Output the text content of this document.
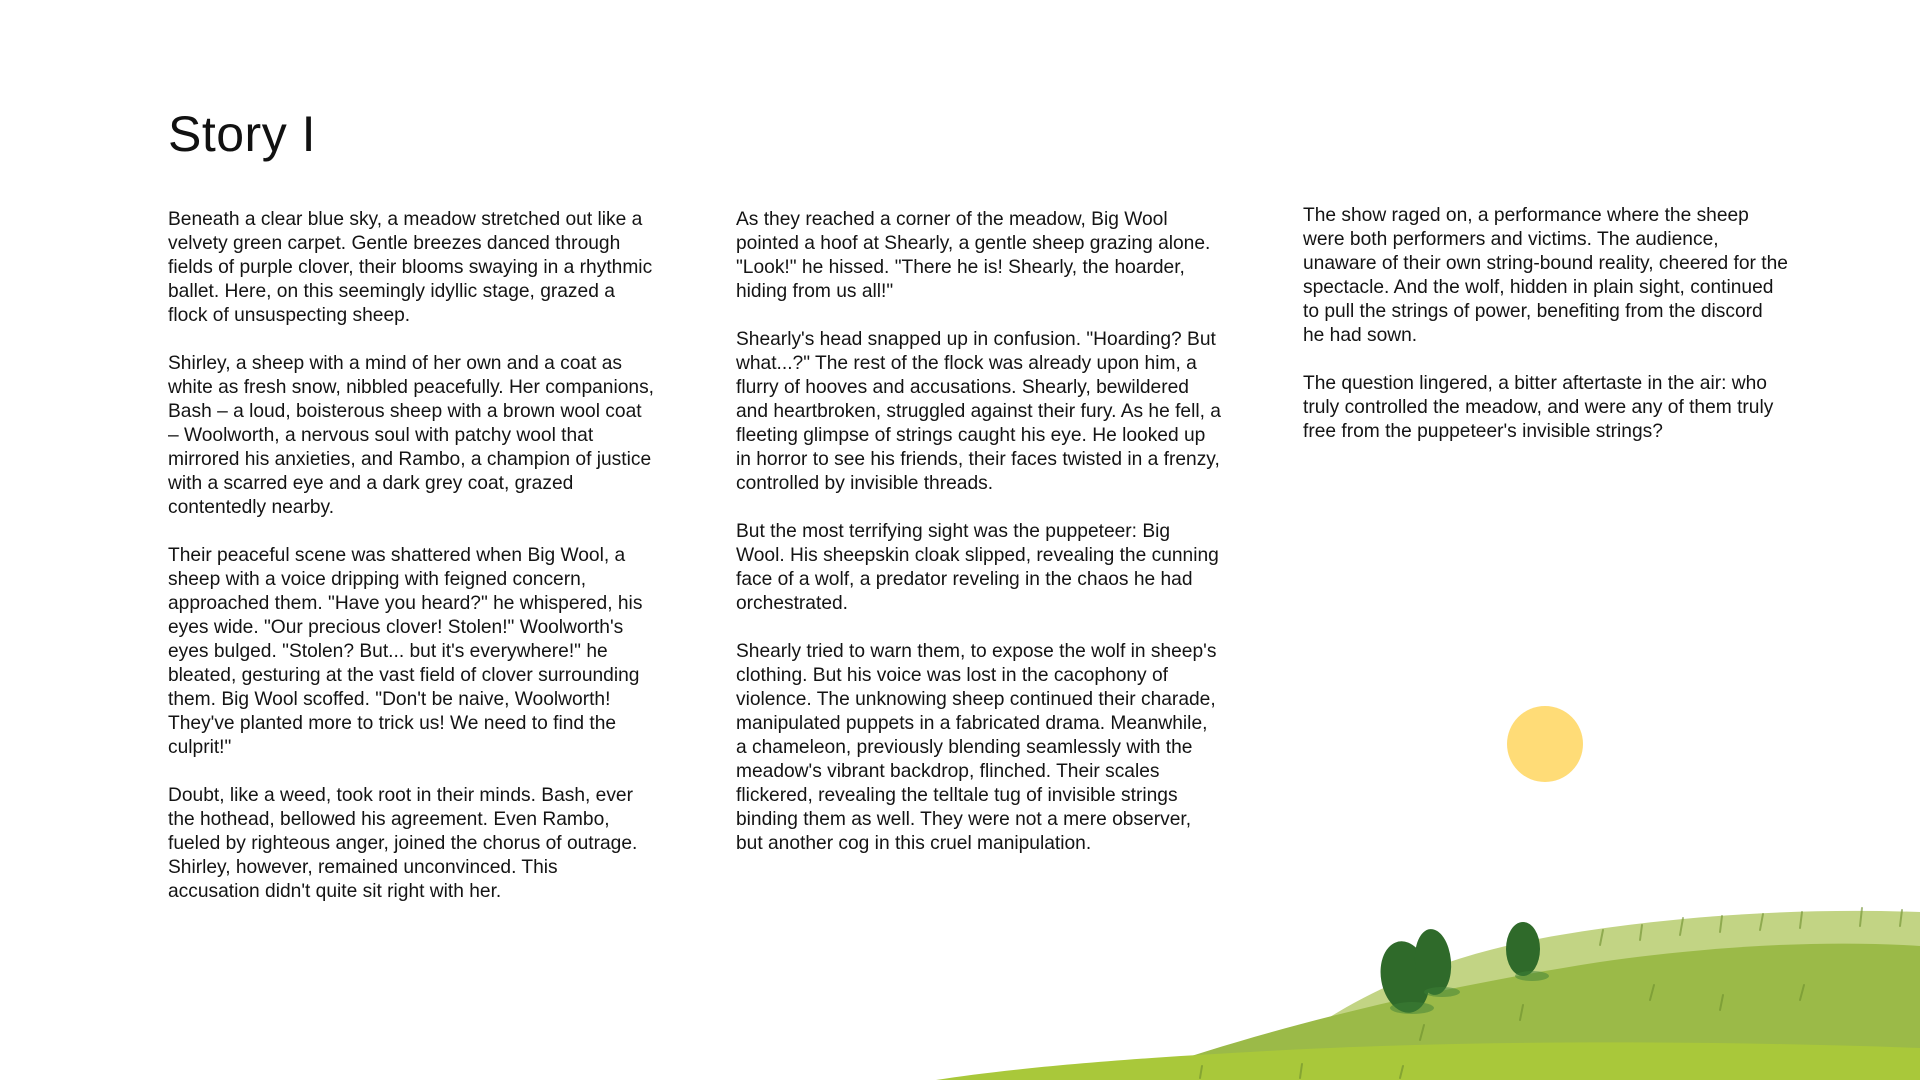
Story I

Beneath a clear blue sky, a meadow stretched out like a velvety green carpet. Gentle breezes danced through fields of purple clover, their blooms swaying in a rhythmic ballet. Here, on this seemingly idyllic stage, grazed a flock of unsuspecting sheep.

Shirley, a sheep with a mind of her own and a coat as white as fresh snow, nibbled peacefully. Her companions, Bash – a loud, boisterous sheep with a brown wool coat – Woolworth, a nervous soul with patchy wool that mirrored his anxieties, and Rambo, a champion of justice with a scarred eye and a dark grey coat, grazed contentedly nearby.

Their peaceful scene was shattered when Big Wool, a sheep with a voice dripping with feigned concern, approached them. "Have you heard?" he whispered, his eyes wide. "Our precious clover! Stolen!" Woolworth's eyes bulged. "Stolen? But... but it's everywhere!" he bleated, gesturing at the vast field of clover surrounding them. Big Wool scoffed. "Don't be naive, Woolworth! They've planted more to trick us! We need to find the culprit!"

Doubt, like a weed, took root in their minds. Bash, ever the hothead, bellowed his agreement. Even Rambo, fueled by righteous anger, joined the chorus of outrage. Shirley, however, remained unconvinced. This accusation didn't quite sit right with her.

As they reached a corner of the meadow, Big Wool pointed a hoof at Shearly, a gentle sheep grazing alone. "Look!" he hissed. "There he is! Shearly, the hoarder, hiding from us all!"

Shearly's head snapped up in confusion. "Hoarding? But what...?" The rest of the flock was already upon him, a flurry of hooves and accusations. Shearly, bewildered and heartbroken, struggled against their fury. As he fell, a fleeting glimpse of strings caught his eye. He looked up in horror to see his friends, their faces twisted in a frenzy, controlled by invisible threads.

But the most terrifying sight was the puppeteer: Big Wool. His sheepskin cloak slipped, revealing the cunning face of a wolf, a predator reveling in the chaos he had orchestrated.

Shearly tried to warn them, to expose the wolf in sheep's clothing. But his voice was lost in the cacophony of violence. The unknowing sheep continued their charade, manipulated puppets in a fabricated drama. Meanwhile, a chameleon, previously blending seamlessly with the meadow's vibrant backdrop, flinched. Their scales flickered, revealing the telltale tug of invisible strings binding them as well. They were not a mere observer, but another cog in this cruel manipulation.

The show raged on, a performance where the sheep were both performers and victims. The audience, unaware of their own string-bound reality, cheered for the spectacle. And the wolf, hidden in plain sight, continued to pull the strings of power, benefiting from the discord he had sown.

The question lingered, a bitter aftertaste in the air: who truly controlled the meadow, and were any of them truly free from the puppeteer's invisible strings?
